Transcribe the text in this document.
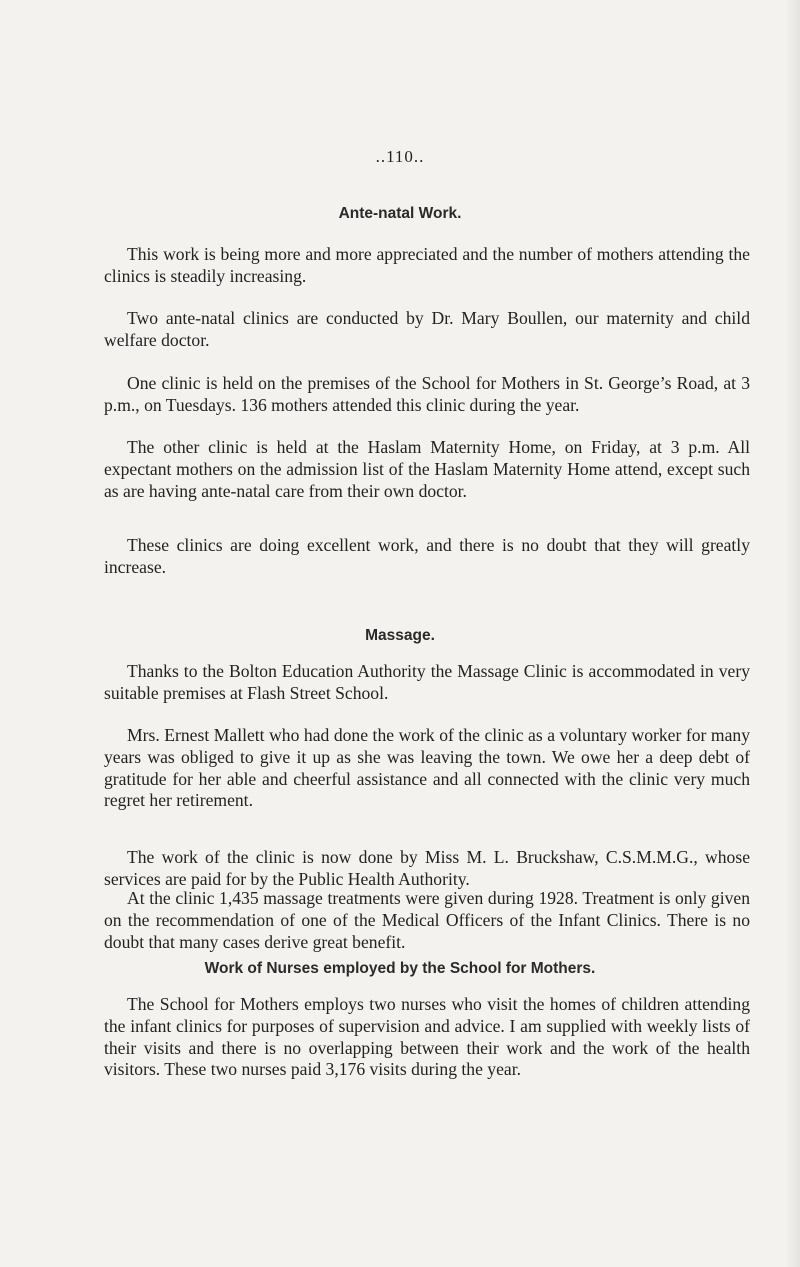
..110..
Ante-natal Work.

This work is being more and more appreciated and the number of mothers attending the clinics is steadily increasing.

Two ante-natal clinics are conducted by Dr. Mary Boullen, our maternity and child welfare doctor.

One clinic is held on the premises of the School for Mothers in St. George’s Road, at 3 p.m., on Tuesdays. 136 mothers attended this clinic during the year.

The other clinic is held at the Haslam Maternity Home, on Friday, at 3 p.m. All expectant mothers on the admission list of the Haslam Maternity Home attend, except such as are having ante-natal care from their own doctor.

These clinics are doing excellent work, and there is no doubt that they will greatly increase.

Massage.

Thanks to the Bolton Education Authority the Massage Clinic is accommodated in very suitable premises at Flash Street School.

Mrs. Ernest Mallett who had done the work of the clinic as a voluntary worker for many years was obliged to give it up as she was leaving the town. We owe her a deep debt of gratitude for her able and cheerful assistance and all connected with the clinic very much regret her retirement.

The work of the clinic is now done by Miss M. L. Bruckshaw, C.S.M.M.G., whose services are paid for by the Public Health Authority.

At the clinic 1,435 massage treatments were given during 1928. Treatment is only given on the recommendation of one of the Medical Officers of the Infant Clinics. There is no doubt that many cases derive great benefit.

Work of Nurses employed by the School for Mothers.

The School for Mothers employs two nurses who visit the homes of children attending the infant clinics for purposes of supervision and advice. I am supplied with weekly lists of their visits and there is no overlapping between their work and the work of the health visitors. These two nurses paid 3,176 visits during the year.
